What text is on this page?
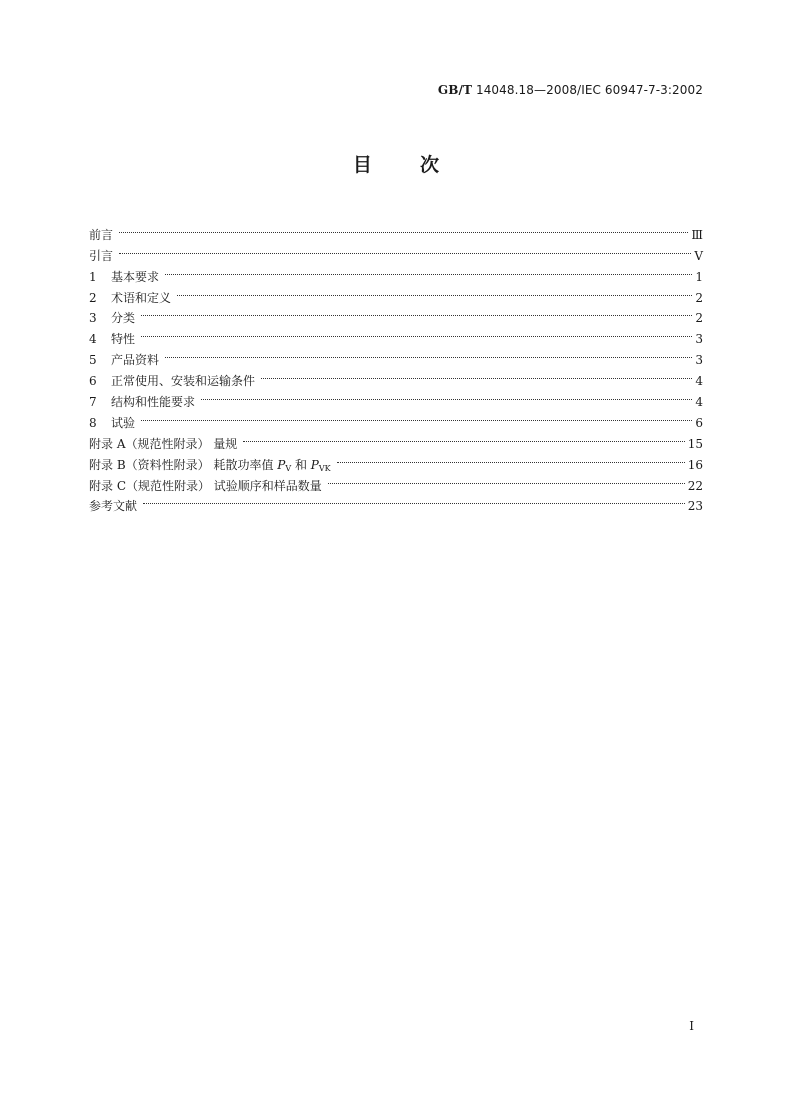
GB/T 14048.18—2008/IEC 60947-7-3:2002
目	次
前言	Ⅲ
引言	Ⅴ
1	基本要求	1
2	术语和定义	2
3	分类	2
4	特性	3
5	产品资料	3
6	正常使用、安装和运输条件	4
7	结构和性能要求	4
8	试验	6
附录 A（规范性附录） 量规	15
附录 B（资料性附录） 耗散功率值 PV 和 PVK	16
附录 C（规范性附录） 试验顺序和样品数量	22
参考文献	23
Ⅰ
